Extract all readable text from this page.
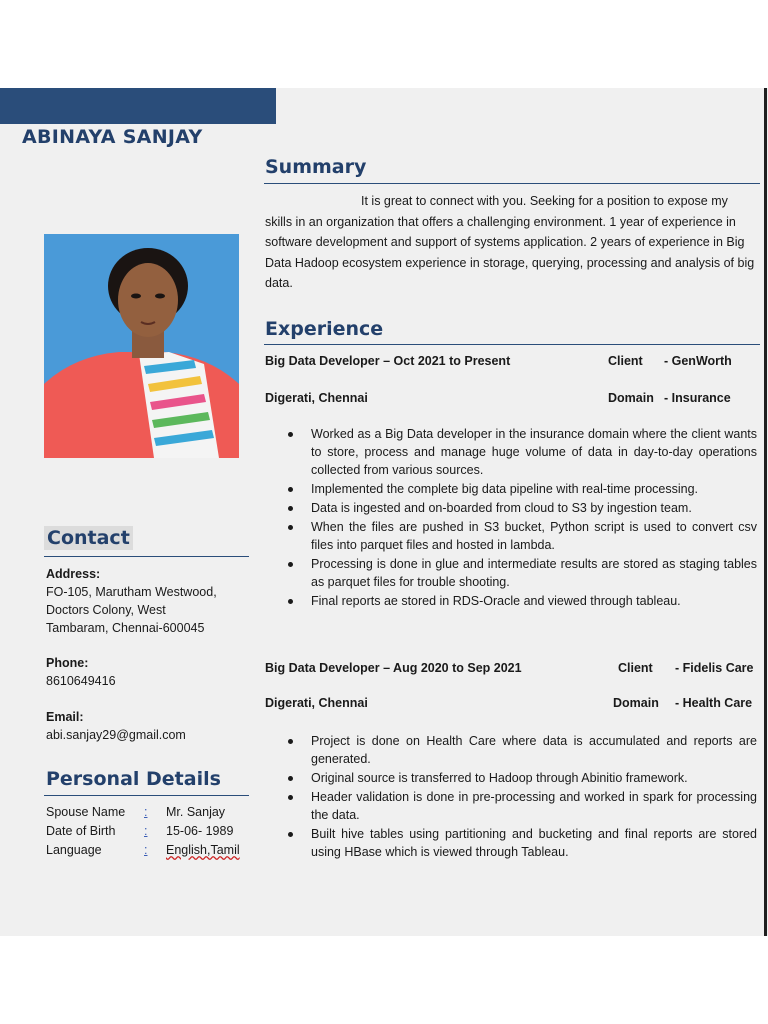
ABINAYA SANJAY
Contact
Address:
FO-105, Marutham Westwood,
Doctors Colony, West
Tambaram, Chennai-600045
Phone:
8610649416
Email:
abi.sanjay29@gmail.com
Personal Details
Spouse Name	:	Mr. Sanjay
Date of Birth	:	15-06- 1989
Language	:	English,Tamil
Summary
It is great to connect with you. Seeking for a position to expose my skills in an organization that offers a challenging environment. 1 year of experience in software development and support of systems application. 2 years of experience in Big Data Hadoop ecosystem experience in storage, querying, processing and analysis of big data.
Experience
Big Data Developer – Oct 2021 to Present	Client - GenWorth
Digerati, Chennai	Domain - Insurance
Worked as a Big Data developer in the insurance domain where the client wants to store, process and manage huge volume of data in day-to-day operations collected from various sources.
Implemented the complete big data pipeline with real-time processing.
Data is ingested and on-boarded from cloud to S3 by ingestion team.
When the files are pushed in S3 bucket, Python script is used to convert csv files into parquet files and hosted in lambda.
Processing is done in glue and intermediate results are stored as staging tables as parquet files for trouble shooting.
Final reports ae stored in RDS-Oracle and viewed through tableau.
Big Data Developer – Aug 2020 to Sep 2021	Client - Fidelis Care
Digerati, Chennai	Domain - Health Care
Project is done on Health Care where data is accumulated and reports are generated.
Original source is transferred to Hadoop through Abinitio framework.
Header validation is done in pre-processing and worked in spark for processing the data.
Built hive tables using partitioning and bucketing and final reports are stored using HBase which is viewed through Tableau.
